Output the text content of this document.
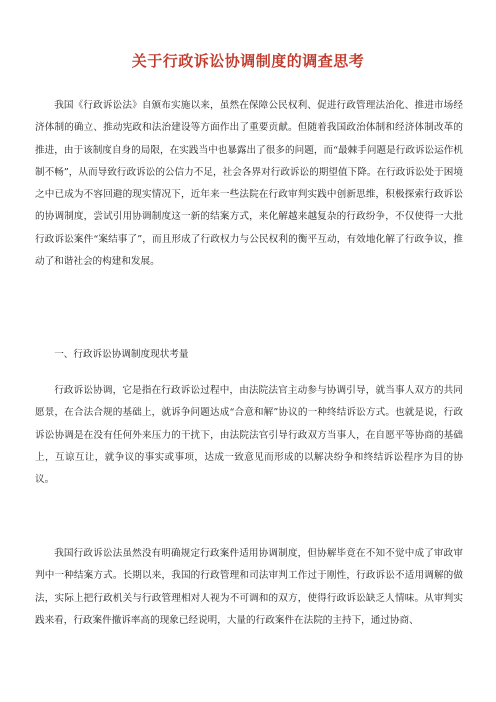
关于行政诉讼协调制度的调查思考

我国《行政诉讼法》自颁布实施以来，虽然在保障公民权利、促进行政管理法治化、推进市场经济体制的确立、推动宪政和法治建设等方面作出了重要贡献。但随着我国政治体制和经济体制改革的推进，由于该制度自身的局限，在实践当中也暴露出了很多的问题，而“最棘手问题是行政诉讼运作机制不畅”，从而导致行政诉讼的公信力不足，社会各界对行政诉讼的期望值下降。在行政诉讼处于困境之中已成为不容回避的现实情况下，近年来一些法院在行政审判实践中创新思维，积极探索行政诉讼的协调制度，尝试引用协调制度这一新的结案方式，来化解越来越复杂的行政纷争，不仅使得一大批行政诉讼案件“案结事了”，而且形成了行政权力与公民权利的衡平互动，有效地化解了行政争议，推动了和谐社会的构建和发展。

一、行政诉讼协调制度现状考量

行政诉讼协调，它是指在行政诉讼过程中，由法院法官主动参与协调引导，就当事人双方的共同愿景，在合法合规的基础上，就诉争问题达成“合意和解”协议的一种终结诉讼方式。也就是说，行政诉讼协调是在没有任何外来压力的干扰下，由法院法官引导行政双方当事人，在自愿平等协商的基础上，互谅互让，就争议的事实或事项，达成一致意见而形成的以解决纷争和终结诉讼程序为目的协议。

我国行政诉讼法虽然没有明确规定行政案件适用协调制度，但协解毕竟在不知不觉中成了审政审判中一种结案方式。长期以来，我国的行政管理和司法审判工作过于刚性，行政诉讼不适用调解的做法，实际上把行政机关与行政管理相对人视为不可调和的双方，使得行政诉讼缺乏人情味。从审判实践来看，行政案件撤诉率高的现象已经说明，大量的行政案件在法院的主持下，通过协商、
